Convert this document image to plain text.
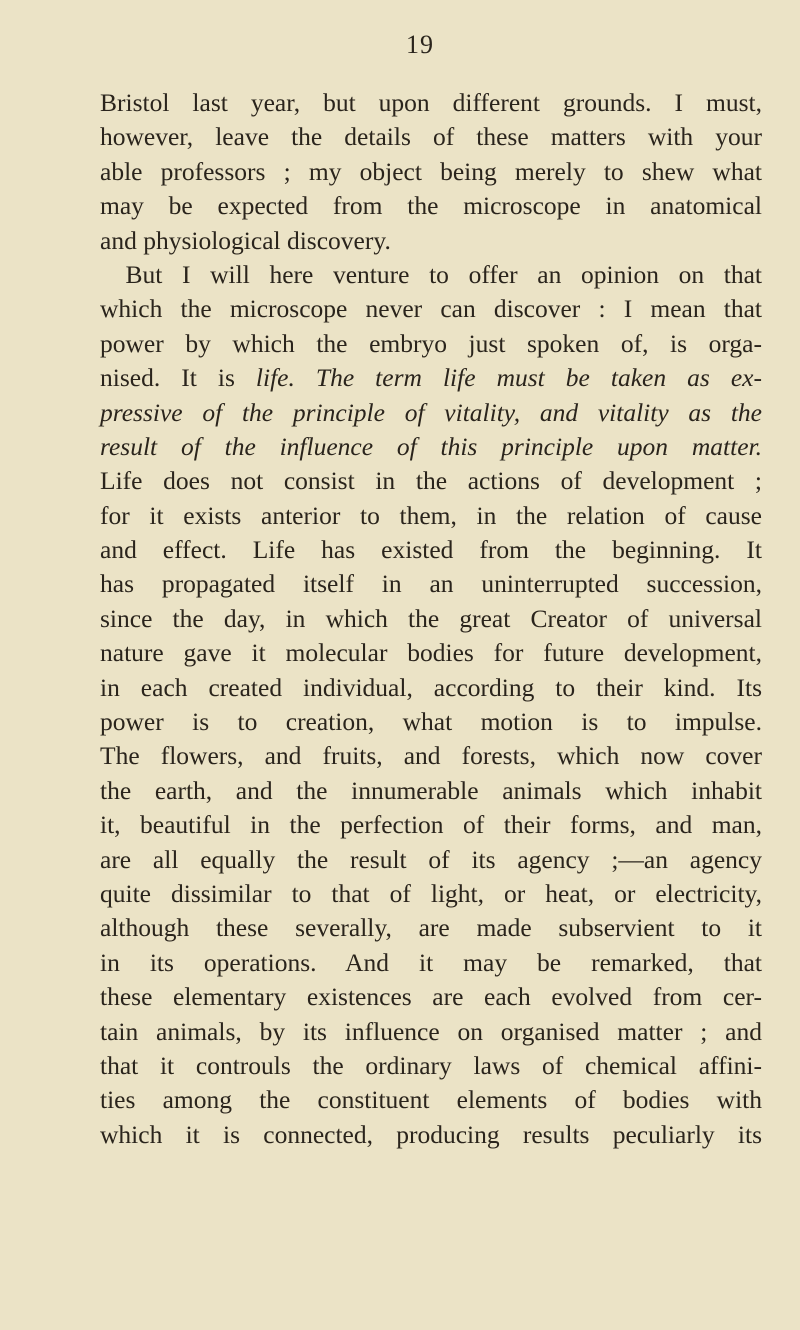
19
Bristol last year, but upon different grounds. I must,
however, leave the details of these matters with your
able professors ; my object being merely to shew what
may be expected from the microscope in anatomical
and physiological discovery.
 But I will here venture to offer an opinion on that
which the microscope never can discover : I mean that
power by which the embryo just spoken of, is orga-
nised. It is life. The term life must be taken as ex-
pressive of the principle of vitality, and vitality as the
result of the influence of this principle upon matter.
Life does not consist in the actions of development ;
for it exists anterior to them, in the relation of cause
and effect. Life has existed from the beginning. It
has propagated itself in an uninterrupted succession,
since the day, in which the great Creator of universal
nature gave it molecular bodies for future development,
in each created individual, according to their kind. Its
power is to creation, what motion is to impulse.
The flowers, and fruits, and forests, which now cover
the earth, and the innumerable animals which inhabit
it, beautiful in the perfection of their forms, and man,
are all equally the result of its agency ;—an agency
quite dissimilar to that of light, or heat, or electricity,
although these severally, are made subservient to it
in its operations. And it may be remarked, that
these elementary existences are each evolved from cer-
tain animals, by its influence on organised matter ; and
that it controuls the ordinary laws of chemical affini-
ties among the constituent elements of bodies with
which it is connected, producing results peculiarly its
